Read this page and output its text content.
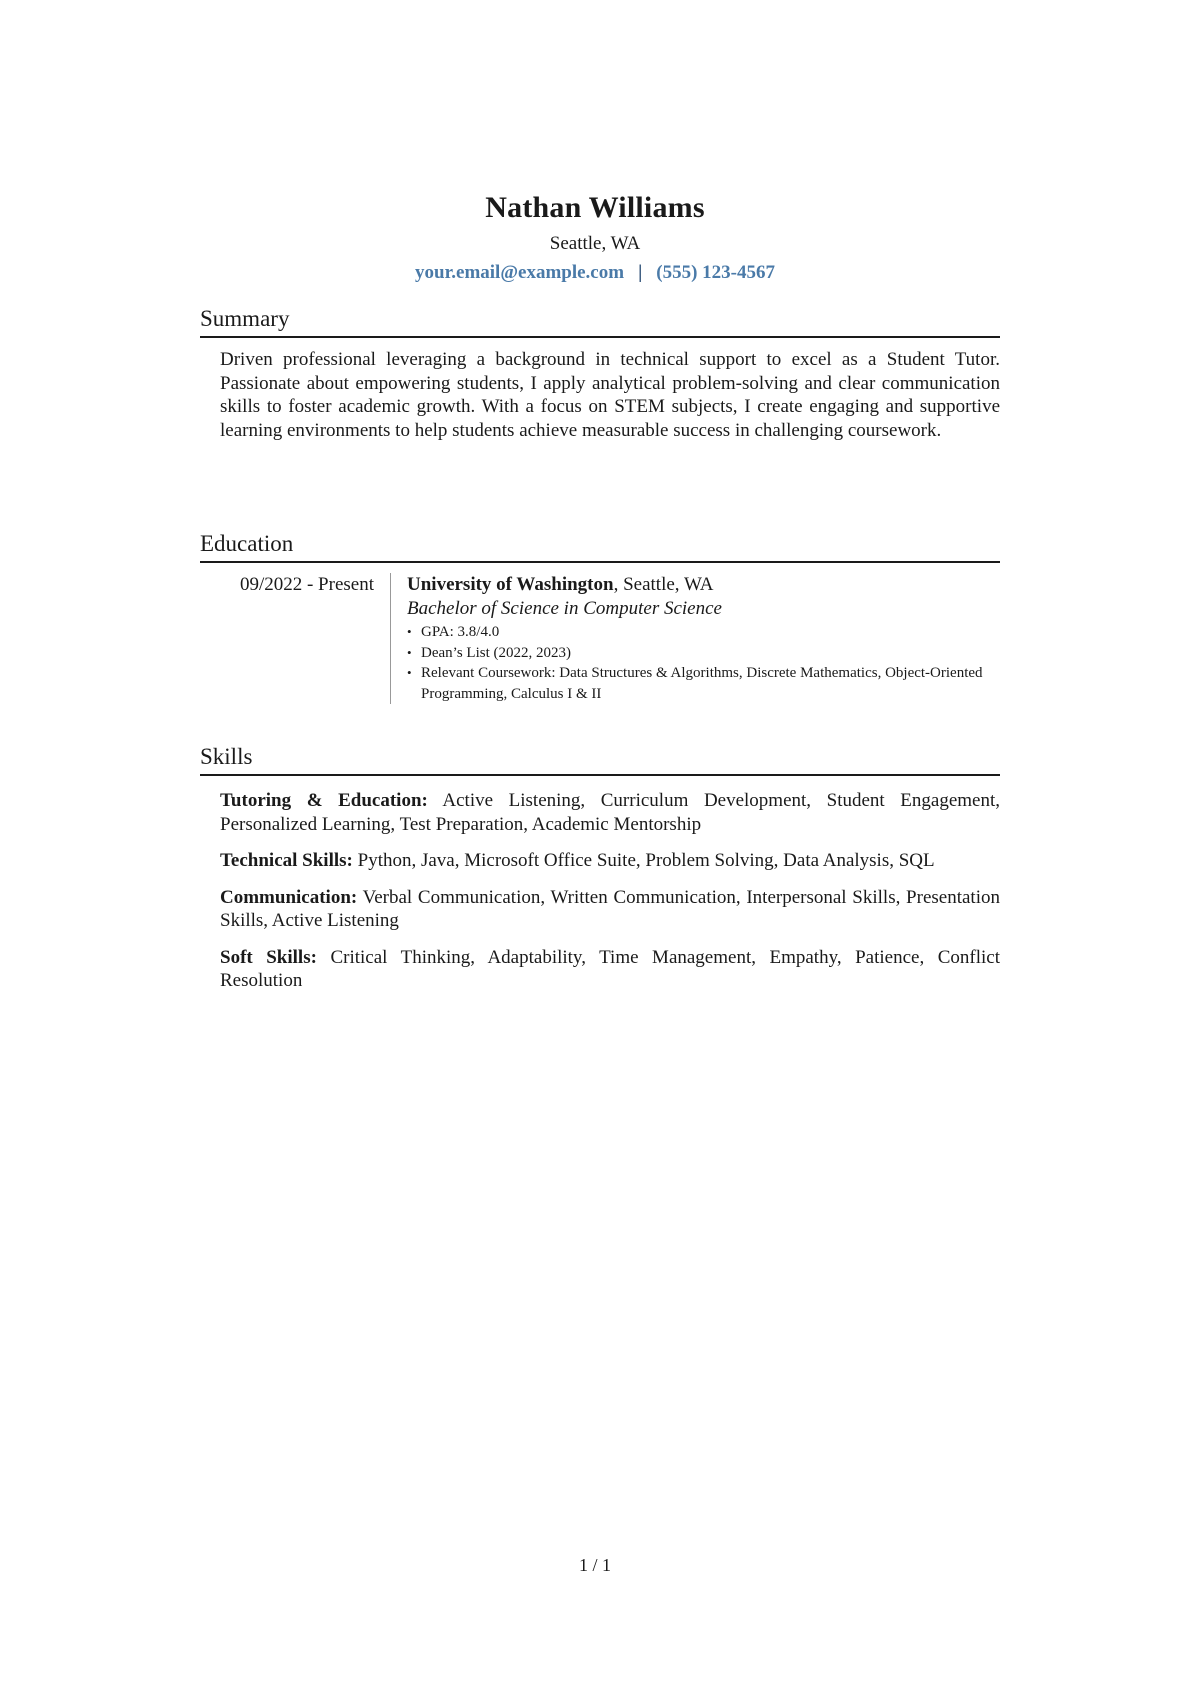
Nathan Williams
Seattle, WA
your.email@example.com | (555) 123-4567
Summary
Driven professional leveraging a background in technical support to excel as a Student Tutor. Passionate about empowering students, I apply analytical problem-solving and clear communication skills to foster academic growth. With a focus on STEM subjects, I create engaging and supportive learning environments to help students achieve measurable success in challenging coursework.
Education
09/2022 - Present	University of Washington, Seattle, WA
Bachelor of Science in Computer Science
• GPA: 3.8/4.0
• Dean’s List (2022, 2023)
• Relevant Coursework: Data Structures & Algorithms, Discrete Mathematics, Object-Oriented Programming, Calculus I & II
Skills
Tutoring & Education: Active Listening, Curriculum Development, Student Engagement, Personalized Learning, Test Preparation, Academic Mentorship
Technical Skills: Python, Java, Microsoft Office Suite, Problem Solving, Data Analysis, SQL
Communication: Verbal Communication, Written Communication, Interpersonal Skills, Presentation Skills, Active Listening
Soft Skills: Critical Thinking, Adaptability, Time Management, Empathy, Patience, Conflict Resolution
1 / 1
